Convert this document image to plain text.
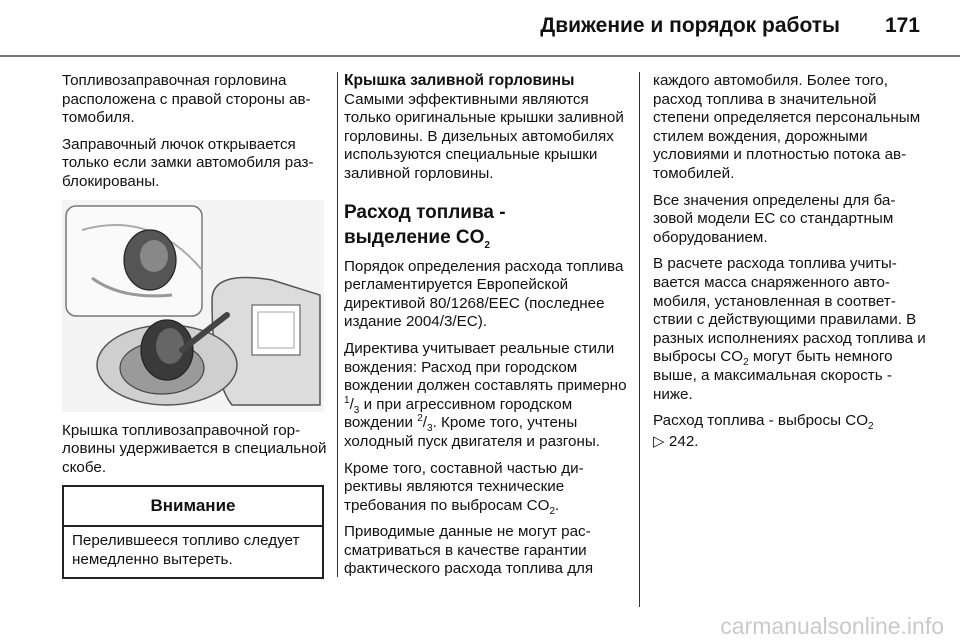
Движение и порядок работы 171

Топливозаправочная горловина расположена с правой стороны автомобиля.

Заправочный лючок открывается только если замки автомобиля разблокированы.

Крышка топливозаправочной горловины удерживается в специальной скобе.

Внимание
Перелившееся топливо следует немедленно вытереть.
Крышка заливной горловины

Самыми эффективными являются только оригинальные крышки заливной горловины. В дизельных автомобилях используются специальные крышки заливной горловины.

Расход топлива -
выделение $CO_2$

Порядок определения расхода топлива регламентируется Европейской директивой 80/1268/EEC (последнее издание 2004/3/EC).

Директива учитывает реальные стили вождения: Расход при городском вождении должен составлять примерно $^1/_3$ и при агрессивном городском вождении $^2/_3$. Кроме того, учтены холодный пуск двигателя и разгоны.

Кроме того, составной частью директивы являются технические требования по выбросам $CO_2$.

Приводимые данные не могут рассматриваться в качестве гарантии фактического расхода топлива для

каждого автомобиля. Более того, расход топлива в значительной степени определяется персональным стилем вождения, дорожными условиями и плотностью потока автомобилей.

Все значения определены для базовой модели ЕС со стандартным оборудованием.

В расчете расхода топлива учитывается масса снаряженного автомобиля, установленная в соответствии с действующими правилами. В разных исполнениях расход топлива и выбросы $CO_2$ могут быть немного выше, а максимальная скорость - ниже.

Расход топлива - выбросы $CO_2$

▷ 242.

carmanualsonline.info
